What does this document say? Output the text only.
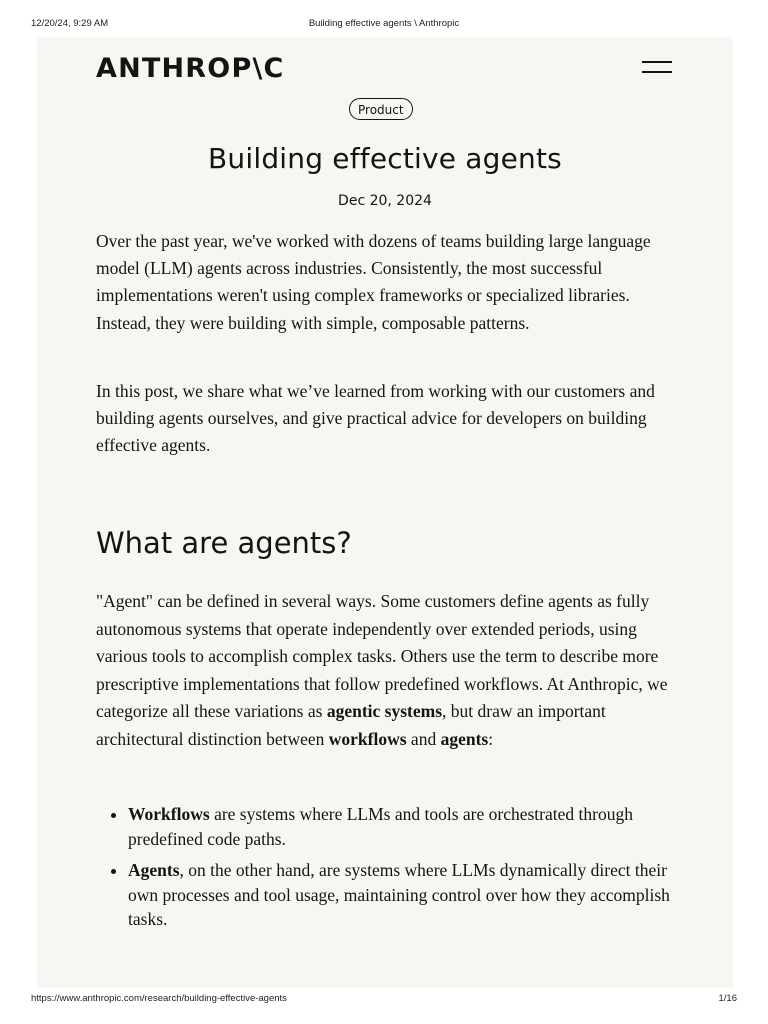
12/20/24, 9:29 AM	Building effective agents \ Anthropic
ANTHROP\C
Product
Building effective agents
Dec 20, 2024

Over the past year, we've worked with dozens of teams building large language model (LLM) agents across industries. Consistently, the most successful implementations weren't using complex frameworks or specialized libraries. Instead, they were building with simple, composable patterns.

In this post, we share what we’ve learned from working with our customers and building agents ourselves, and give practical advice for developers on building effective agents.

What are agents?

"Agent" can be defined in several ways. Some customers define agents as fully autonomous systems that operate independently over extended periods, using various tools to accomplish complex tasks. Others use the term to describe more prescriptive implementations that follow predefined workflows. At Anthropic, we categorize all these variations as agentic systems, but draw an important architectural distinction between workflows and agents:

Workflows are systems where LLMs and tools are orchestrated through predefined code paths.
Agents, on the other hand, are systems where LLMs dynamically direct their own processes and tool usage, maintaining control over how they accomplish tasks.
https://www.anthropic.com/research/building-effective-agents	1/16
